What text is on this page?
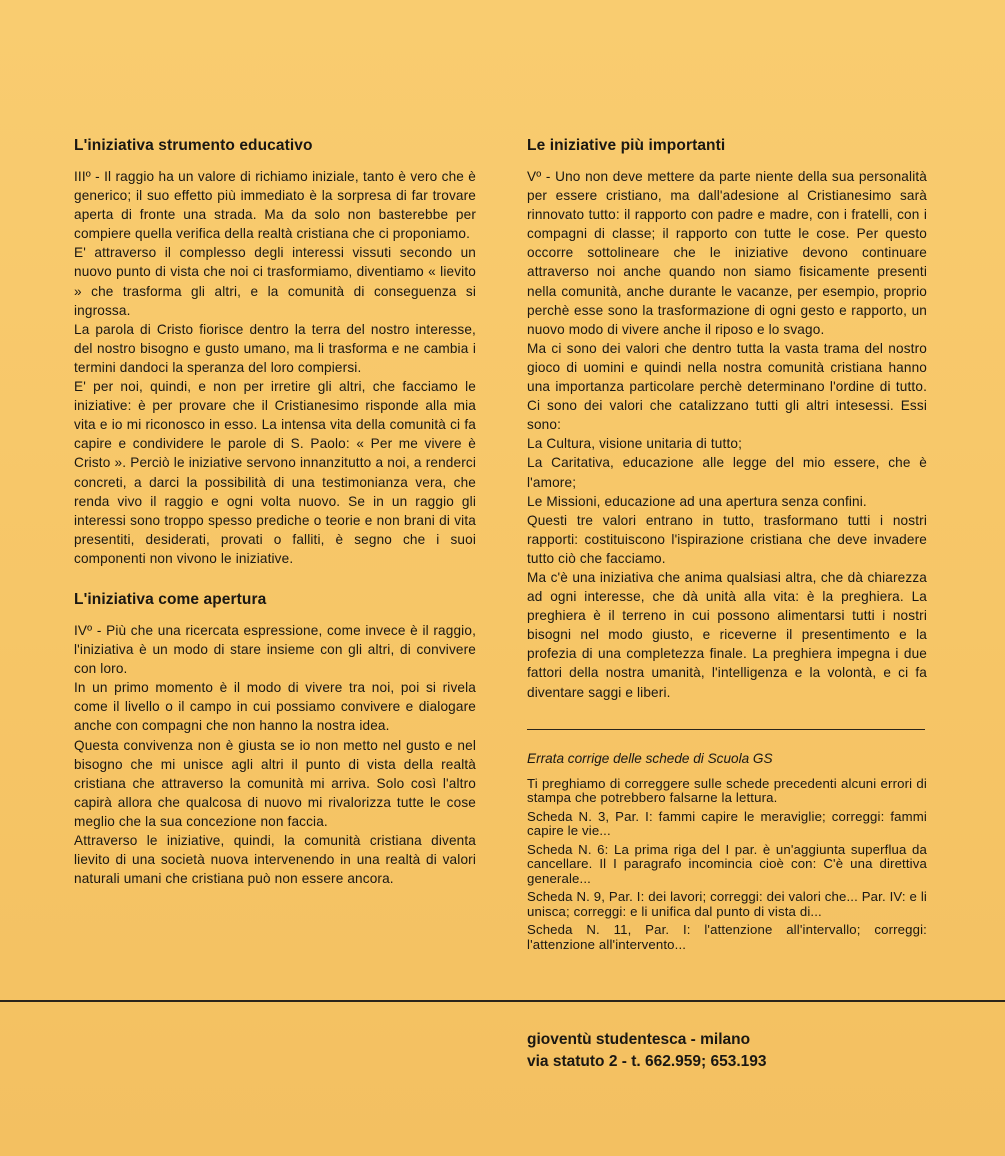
L'iniziativa strumento educativo

IIIº - Il raggio ha un valore di richiamo iniziale, tanto è vero che è generico; il suo effetto più immediato è la sorpresa di far trovare aperta di fronte una strada. Ma da solo non basterebbe per compiere quella verifica della realtà cristiana che ci proponiamo.

E' attraverso il complesso degli interessi vissuti secondo un nuovo punto di vista che noi ci trasformiamo, diventiamo « lievito » che trasforma gli altri, e la comunità di conseguenza si ingrossa.

La parola di Cristo fiorisce dentro la terra del nostro interesse, del nostro bisogno e gusto umano, ma li trasforma e ne cambia i termini dandoci la speranza del loro compiersi.

E' per noi, quindi, e non per irretire gli altri, che facciamo le iniziative: è per provare che il Cristianesimo risponde alla mia vita e io mi riconosco in esso. La intensa vita della comunità ci fa capire e condividere le parole di S. Paolo: « Per me vivere è Cristo ». Perciò le iniziative servono innanzitutto a noi, a renderci concreti, a darci la possibilità di una testimonianza vera, che renda vivo il raggio e ogni volta nuovo. Se in un raggio gli interessi sono troppo spesso prediche o teorie e non brani di vita presentiti, desiderati, provati o falliti, è segno che i suoi componenti non vivono le iniziative.

L'iniziativa come apertura

IVº - Più che una ricercata espressione, come invece è il raggio, l'iniziativa è un modo di stare insieme con gli altri, di convivere con loro.

In un primo momento è il modo di vivere tra noi, poi si rivela come il livello o il campo in cui possiamo convivere e dialogare anche con compagni che non hanno la nostra idea.

Questa convivenza non è giusta se io non metto nel gusto e nel bisogno che mi unisce agli altri il punto di vista della realtà cristiana che attraverso la comunità mi arriva. Solo così l'altro capirà allora che qualcosa di nuovo mi rivalorizza tutte le cose meglio che la sua concezione non faccia.

Attraverso le iniziative, quindi, la comunità cristiana diventa lievito di una società nuova intervenendo in una realtà di valori naturali umani che cristiana può non essere ancora.

Le iniziative più importanti

Vº - Uno non deve mettere da parte niente della sua personalità per essere cristiano, ma dall'adesione al Cristianesimo sarà rinnovato tutto: il rapporto con padre e madre, con i fratelli, con i compagni di classe; il rapporto con tutte le cose. Per questo occorre sottolineare che le iniziative devono continuare attraverso noi anche quando non siamo fisicamente presenti nella comunità, anche durante le vacanze, per esempio, proprio perchè esse sono la trasformazione di ogni gesto e rapporto, un nuovo modo di vivere anche il riposo e lo svago.

Ma ci sono dei valori che dentro tutta la vasta trama del nostro gioco di uomini e quindi nella nostra comunità cristiana hanno una importanza particolare perchè determinano l'ordine di tutto. Ci sono dei valori che catalizzano tutti gli altri intesessi. Essi sono:

La Cultura, visione unitaria di tutto;

La Caritativa, educazione alle legge del mio essere, che è l'amore;

Le Missioni, educazione ad una apertura senza confini.

Questi tre valori entrano in tutto, trasformano tutti i nostri rapporti: costituiscono l'ispirazione cristiana che deve invadere tutto ciò che facciamo.

Ma c'è una iniziativa che anima qualsiasi altra, che dà chiarezza ad ogni interesse, che dà unità alla vita: è la preghiera. La preghiera è il terreno in cui possono alimentarsi tutti i nostri bisogni nel modo giusto, e riceverne il presentimento e la profezia di una completezza finale. La preghiera impegna i due fattori della nostra umanità, l'intelligenza e la volontà, e ci fa diventare saggi e liberi.

Errata corrige delle schede di Scuola GS

Ti preghiamo di correggere sulle schede precedenti alcuni errori di stampa che potrebbero falsarne la lettura.

Scheda N. 3, Par. I: fammi capire le meraviglie; correggi: fammi capire le vie...

Scheda N. 6: La prima riga del I par. è un'aggiunta superflua da cancellare. Il I paragrafo incomincia cioè con: C'è una direttiva generale...

Scheda N. 9, Par. I: dei lavori; correggi: dei valori che... Par. IV: e li unisca; correggi: e li unifica dal punto di vista di...

Scheda N. 11, Par. I: l'attenzione all'intervallo; correggi: l'attenzione all'intervento...

gioventù studentesca - milano

via statuto 2 - t. 662.959; 653.193
